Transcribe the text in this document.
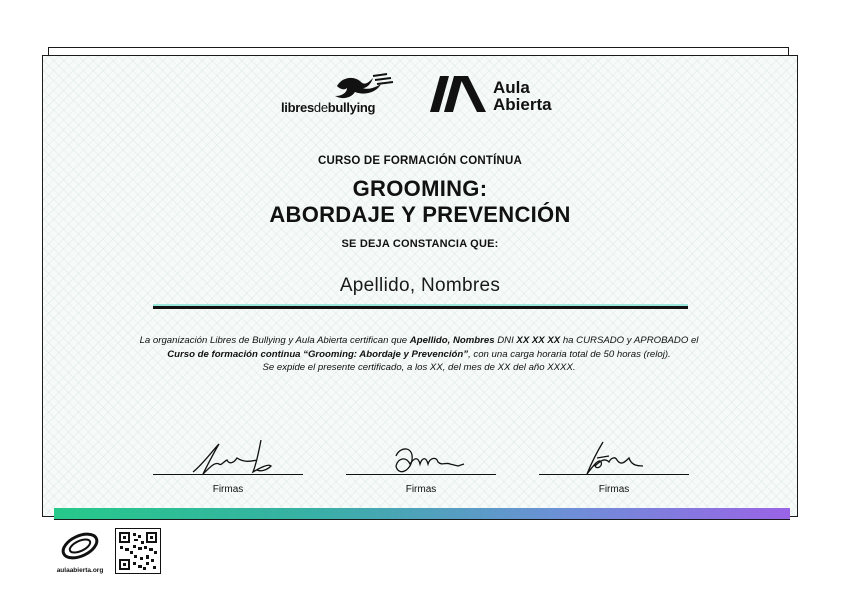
libresdebullying
Aula
Abierta
CURSO DE FORMACIÓN CONTÍNUA
GROOMING:
ABORDAJE Y PREVENCIÓN
SE DEJA CONSTANCIA QUE:
Apellido, Nombres
La organización Libres de Bullying y Aula Abierta certifican que Apellido, Nombres DNI XX XX XX ha CURSADO y APROBADO el Curso de formación continua “Grooming: Abordaje y Prevención”, con una carga horaria total de 50 horas (reloj).
Se expide el presente certificado, a los XX, del mes de XX del año XXXX.
Firmas	Firmas	Firmas
aulaabierta.org
